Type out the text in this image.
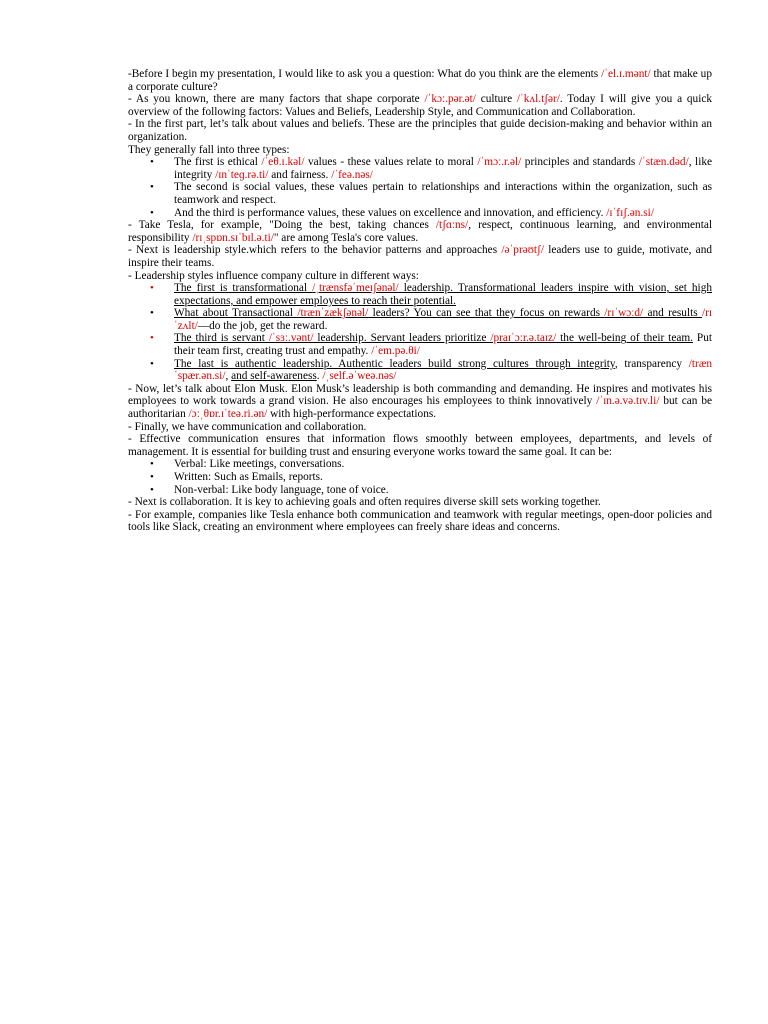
-Before I begin my presentation, I would like to ask you a question: What do you think are the elements /ˈel.ɪ.mənt/ that make up a corporate culture?

- As you known, there are many factors that shape corporate /ˈkɔː.pər.ət/ culture /ˈkʌl.tʃər/. Today I will give you a quick overview of the following factors: Values and Beliefs, Leadership Style, and Communication and Collaboration.

- In the first part, let’s talk about values and beliefs. These are the principles that guide decision-making and behavior within an organization.

They generally fall into three types:

• The first is ethical /ˈeθ.ɪ.kəl/ values - these values relate to moral /ˈmɔː.r.əl/ principles and standards /ˈstæn.dəd/, like integrity /ɪnˈteɡ.rə.ti/ and fairness. /ˈfeə.nəs/
• The second is social values, these values pertain to relationships and interactions within the organization, such as teamwork and respect.
• And the third is performance values, these values on excellence and innovation, and efficiency. /ɪˈfɪʃ.ən.si/

- Take Tesla, for example, "Doing the best, taking chances /tʃɑːns/, respect, continuous learning, and environmental responsibility /rɪˌspɒn.sɪˈbɪl.ə.ti/" are among Tesla's core values.

- Next is leadership style.which refers to the behavior patterns and approaches /əˈprəʊtʃ/ leaders use to guide, motivate, and inspire their teams.

- Leadership styles influence company culture in different ways:

• The first is transformational /ˌtrænsfəˈmeɪʃənəl/ leadership. Transformational leaders inspire with vision, set high expectations, and empower employees to reach their potential.
• What about Transactional /trænˈzækʃənəl/ leaders? You can see that they focus on rewards /rɪˈwɔːd/ and results /rɪˈzʌlt/—do the job, get the reward.
• The third is servant /ˈsɜː.vənt/ leadership. Servant leaders prioritize /praɪˈɔːr.ə.taɪz/ the well-being of their team. Put their team first, creating trust and empathy. /ˈem.pə.θi/
• The last is authentic leadership. Authentic leaders build strong cultures through integrity, transparency /trænˈspær.ən.si/, and self-awareness. /ˌself.əˈweə.nəs/

- Now, let’s talk about Elon Musk. Elon Musk’s leadership is both commanding and demanding. He inspires and motivates his employees to work towards a grand vision. He also encourages his employees to think innovatively /ˈɪn.ə.və.tɪv.li/ but can be authoritarian /ɔːˌθɒr.ɪˈteə.ri.ən/ with high-performance expectations.

- Finally, we have communication and collaboration.

- Effective communication ensures that information flows smoothly between employees, departments, and levels of management. It is essential for building trust and ensuring everyone works toward the same goal. It can be:

• Verbal: Like meetings, conversations.
• Written: Such as Emails, reports.
• Non-verbal: Like body language, tone of voice.

- Next is collaboration. It is key to achieving goals and often requires diverse skill sets working together.

- For example, companies like Tesla enhance both communication and teamwork with regular meetings, open-door policies and tools like Slack, creating an environment where employees can freely share ideas and concerns.
